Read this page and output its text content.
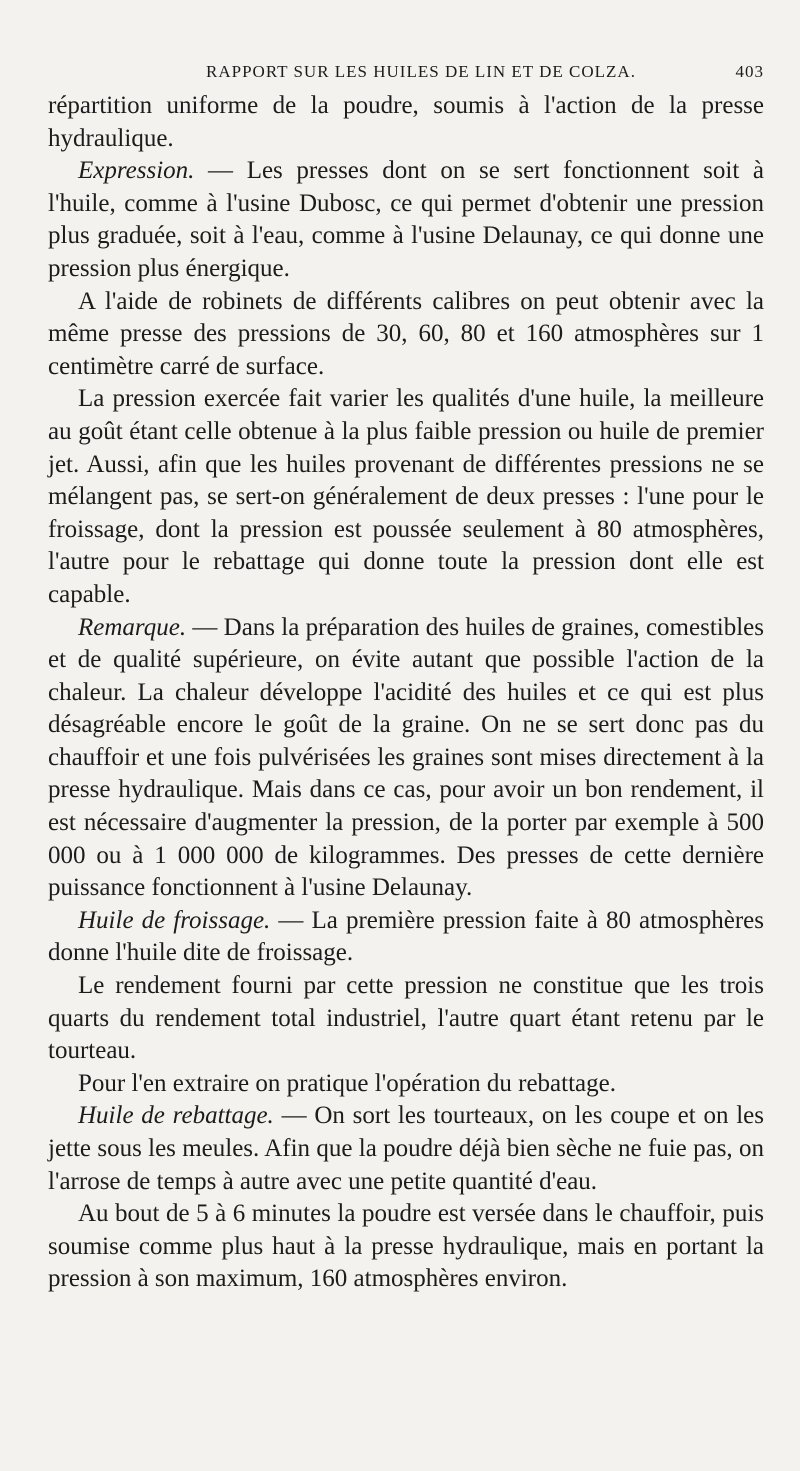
RAPPORT SUR LES HUILES DE LIN ET DE COLZA.	403

répartition uniforme de la poudre, soumis à l'action de la presse hydraulique.

Expression. — Les presses dont on se sert fonctionnent soit à l'huile, comme à l'usine Dubosc, ce qui permet d'obtenir une pression plus graduée, soit à l'eau, comme à l'usine Delaunay, ce qui donne une pression plus énergique.

A l'aide de robinets de différents calibres on peut obtenir avec la même presse des pressions de 30, 60, 80 et 160 atmosphères sur 1 centimètre carré de surface.

La pression exercée fait varier les qualités d'une huile, la meilleure au goût étant celle obtenue à la plus faible pression ou huile de premier jet. Aussi, afin que les huiles provenant de différentes pressions ne se mélangent pas, se sert-on généralement de deux presses : l'une pour le froissage, dont la pression est poussée seulement à 80 atmosphères, l'autre pour le rebattage qui donne toute la pression dont elle est capable.

Remarque. — Dans la préparation des huiles de graines, comestibles et de qualité supérieure, on évite autant que possible l'action de la chaleur. La chaleur développe l'acidité des huiles et ce qui est plus désagréable encore le goût de la graine. On ne se sert donc pas du chauffoir et une fois pulvérisées les graines sont mises directement à la presse hydraulique. Mais dans ce cas, pour avoir un bon rendement, il est nécessaire d'augmenter la pression, de la porter par exemple à 500 000 ou à 1 000 000 de kilogrammes. Des presses de cette dernière puissance fonctionnent à l'usine Delaunay.

Huile de froissage. — La première pression faite à 80 atmosphères donne l'huile dite de froissage.

Le rendement fourni par cette pression ne constitue que les trois quarts du rendement total industriel, l'autre quart étant retenu par le tourteau.

Pour l'en extraire on pratique l'opération du rebattage.

Huile de rebattage. — On sort les tourteaux, on les coupe et on les jette sous les meules. Afin que la poudre déjà bien sèche ne fuie pas, on l'arrose de temps à autre avec une petite quantité d'eau.

Au bout de 5 à 6 minutes la poudre est versée dans le chauffoir, puis soumise comme plus haut à la presse hydraulique, mais en portant la pression à son maximum, 160 atmosphères environ.
